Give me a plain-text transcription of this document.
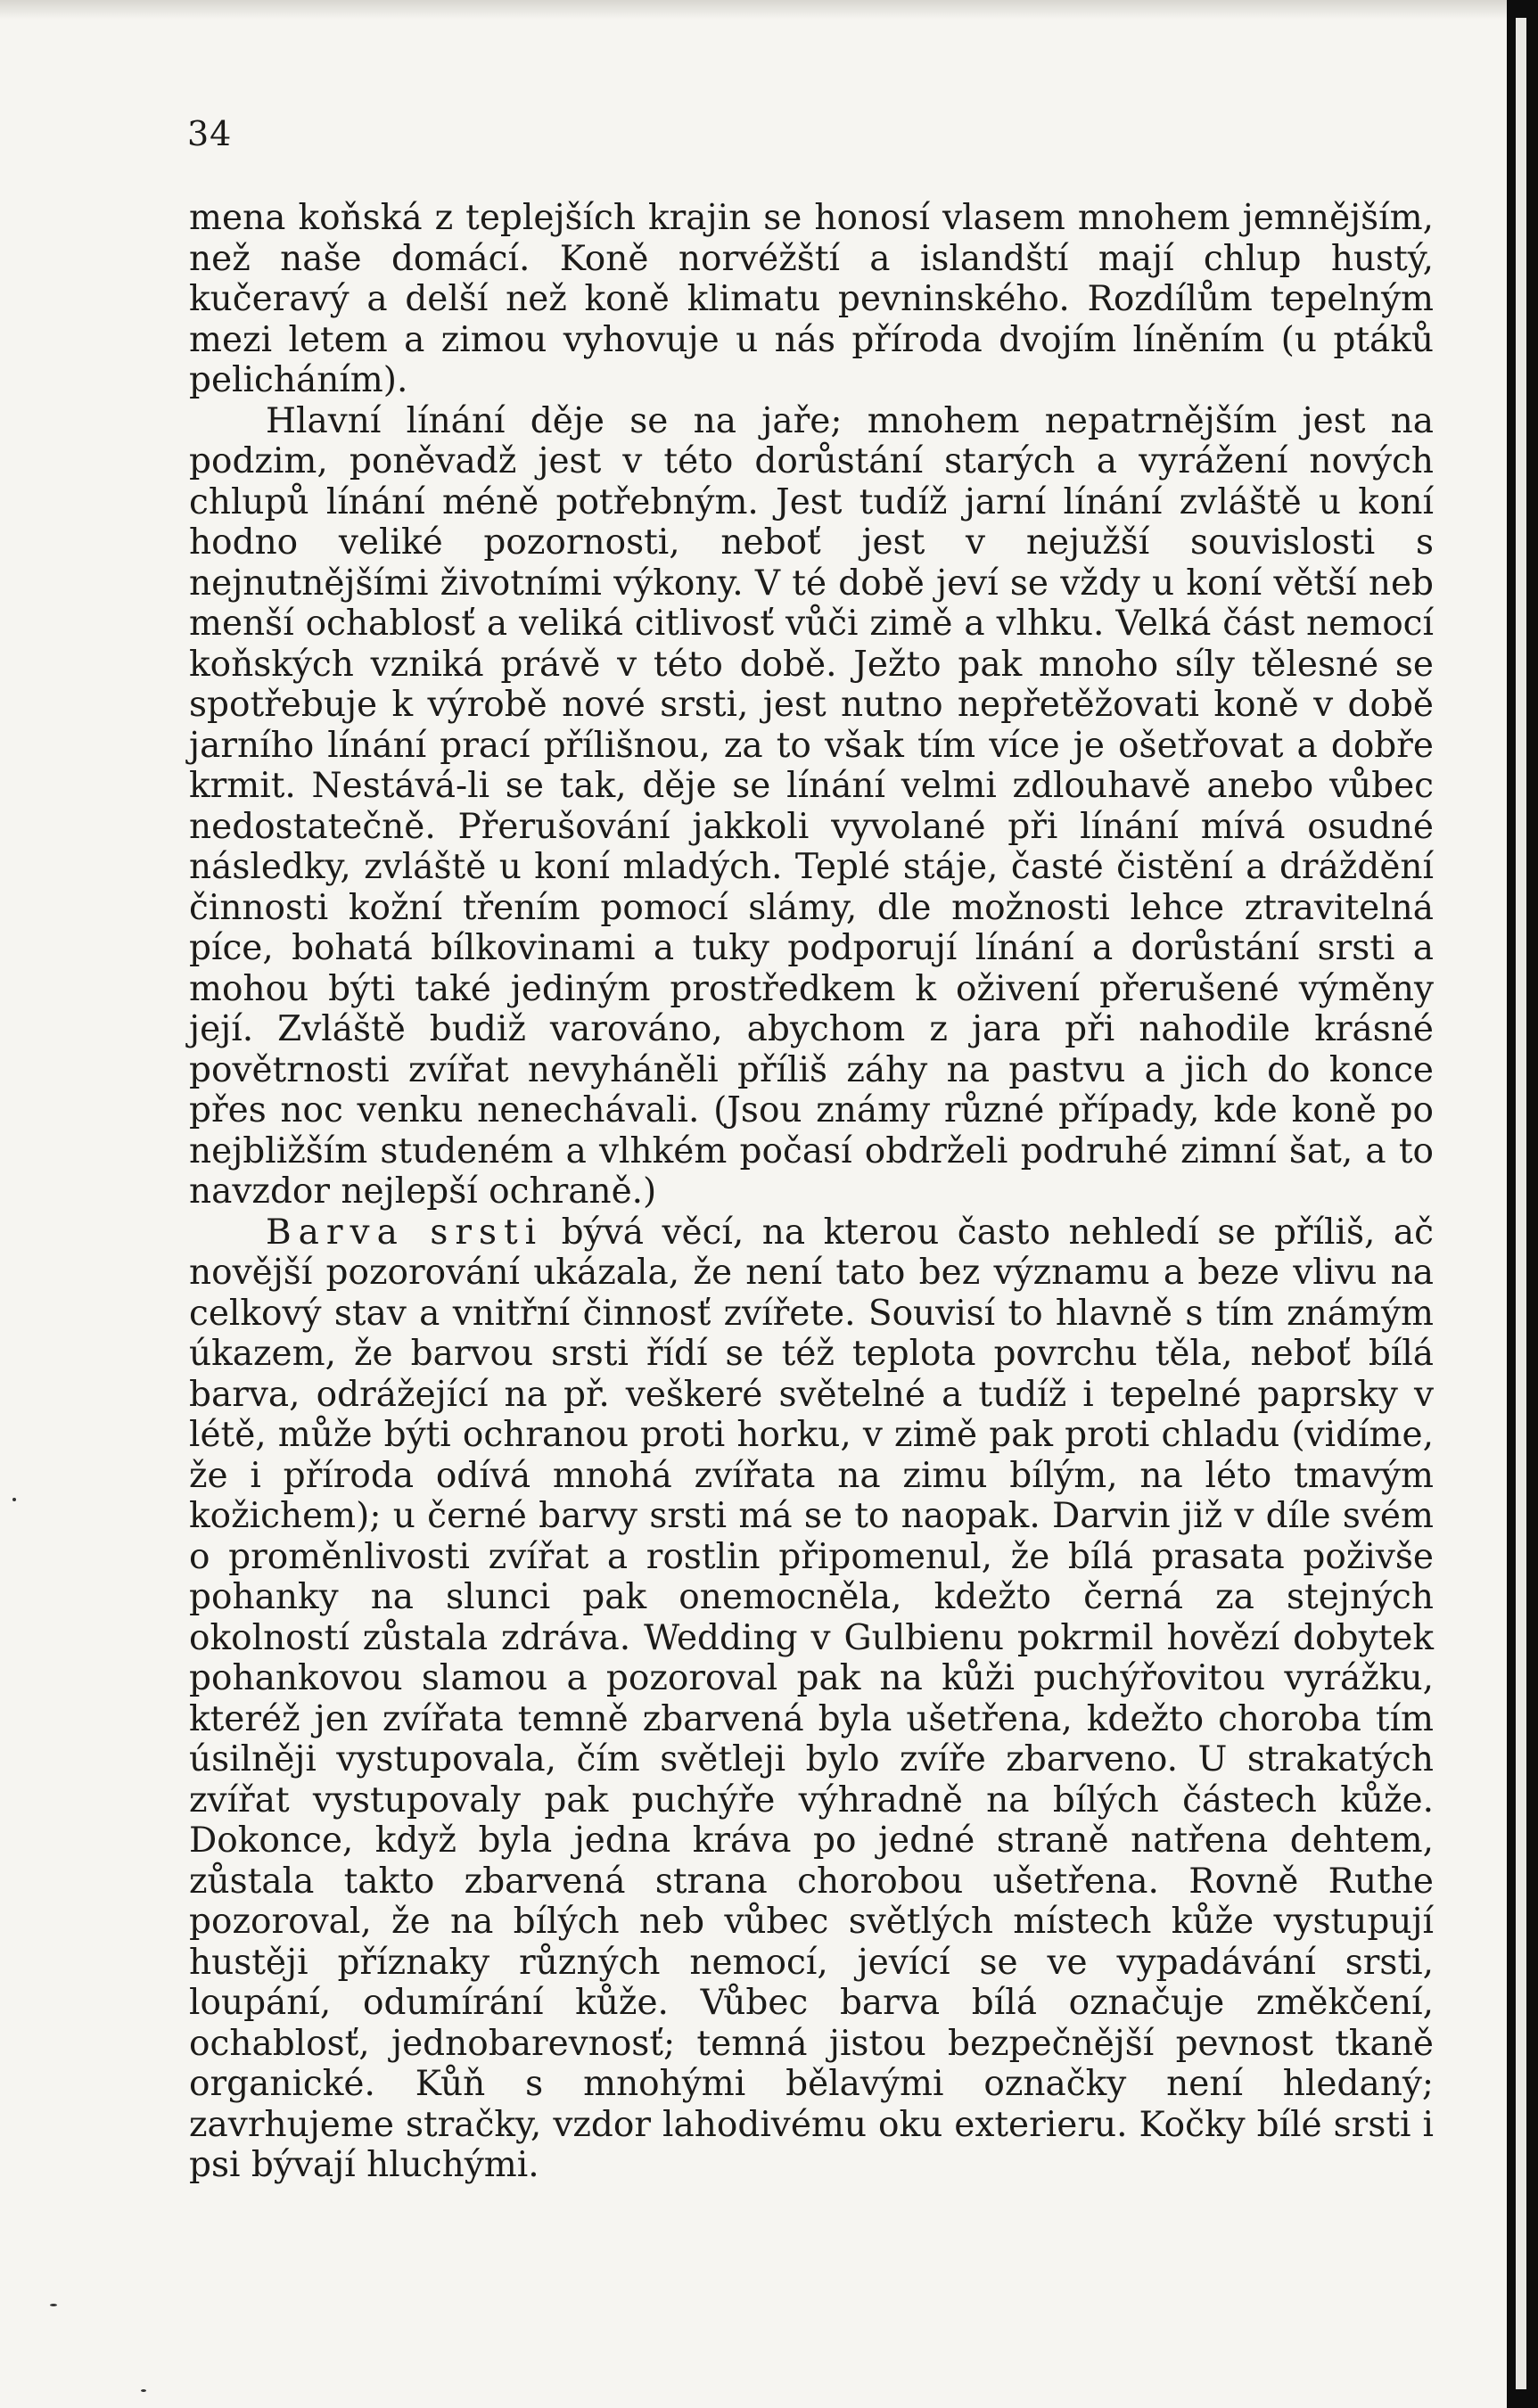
34

mena koňská z teplejších krajin se honosí vlasem mnohem jemnějším, než naše domácí. Koně norvéžští a islandští mají chlup hustý, kučeravý a delší než koně klimatu pevninského. Rozdílům tepelným mezi letem a zimou vyhovuje u nás příroda dvojím líněním (u ptáků pelicháním).

Hlavní línání děje se na jaře; mnohem nepatrnějším jest na podzim, poněvadž jest v této dorůstání starých a vyrážení nových chlupů línání méně potřebným. Jest tudíž jarní línání zvláště u koní hodno veliké pozornosti, neboť jest v nejužší souvislosti s nejnutnějšími životními výkony. V té době jeví se vždy u koní větší neb menší ochablosť a veliká citlivosť vůči zimě a vlhku. Velká část nemocí koňských vzniká právě v této době. Ježto pak mnoho síly tělesné se spotřebuje k výrobě nové srsti, jest nutno nepřetěžovati koně v době jarního línání prací přílišnou, za to však tím více je ošetřovat a dobře krmit. Nestává-li se tak, děje se línání velmi zdlouhavě anebo vůbec nedostatečně. Přerušování jakkoli vyvolané při línání mívá osudné následky, zvláště u koní mladých. Teplé stáje, časté čistění a dráždění činnosti kožní třením pomocí slámy, dle možnosti lehce ztravitelná píce, bohatá bílkovinami a tuky podporují línání a dorůstání srsti a mohou býti také jediným prostředkem k oživení přerušené výměny její. Zvláště budiž varováno, abychom z jara při nahodile krásné povětrnosti zvířat nevyháněli příliš záhy na pastvu a jich do konce přes noc venku nenechávali. (Jsou známy různé případy, kde koně po nejbližším studeném a vlhkém počasí obdrželi podruhé zimní šat, a to navzdor nejlepší ochraně.)

Barva srsti bývá věcí, na kterou často nehledí se příliš, ač novější pozorování ukázala, že není tato bez významu a beze vlivu na celkový stav a vnitřní činnosť zvířete. Souvisí to hlavně s tím známým úkazem, že barvou srsti řídí se též teplota povrchu těla, neboť bílá barva, odrážející na př. veškeré světelné a tudíž i tepelné paprsky v létě, může býti ochranou proti horku, v zimě pak proti chladu (vidíme, že i příroda odívá mnohá zvířata na zimu bílým, na léto tmavým kožichem); u černé barvy srsti má se to naopak. Darvin již v díle svém o proměnlivosti zvířat a rostlin připomenul, že bílá prasata poživše pohanky na slunci pak onemocněla, kdežto černá za stejných okolností zůstala zdráva. Wedding v Gulbienu pokrmil hovězí dobytek pohankovou slamou a pozoroval pak na kůži puchýřovitou vyrážku, kteréž jen zvířata temně zbarvená byla ušetřena, kdežto choroba tím úsilněji vystupovala, čím světleji bylo zvíře zbarveno. U strakatých zvířat vystupovaly pak puchýře výhradně na bílých částech kůže. Dokonce, když byla jedna kráva po jedné straně natřena dehtem, zůstala takto zbarvená strana chorobou ušetřena. Rovně Ruthe pozoroval, že na bílých neb vůbec světlých místech kůže vystupují hustěji příznaky různých nemocí, jevící se ve vypadávání srsti, loupání, odumírání kůže. Vůbec barva bílá označuje změkčení, ochablosť, jednobarevnosť; temná jistou bezpečnější pevnost tkaně organické. Kůň s mnohými bělavými označky není hledaný; zavrhujeme stračky, vzdor lahodivému oku exterieru. Kočky bílé srsti i psi bývají hluchými.
